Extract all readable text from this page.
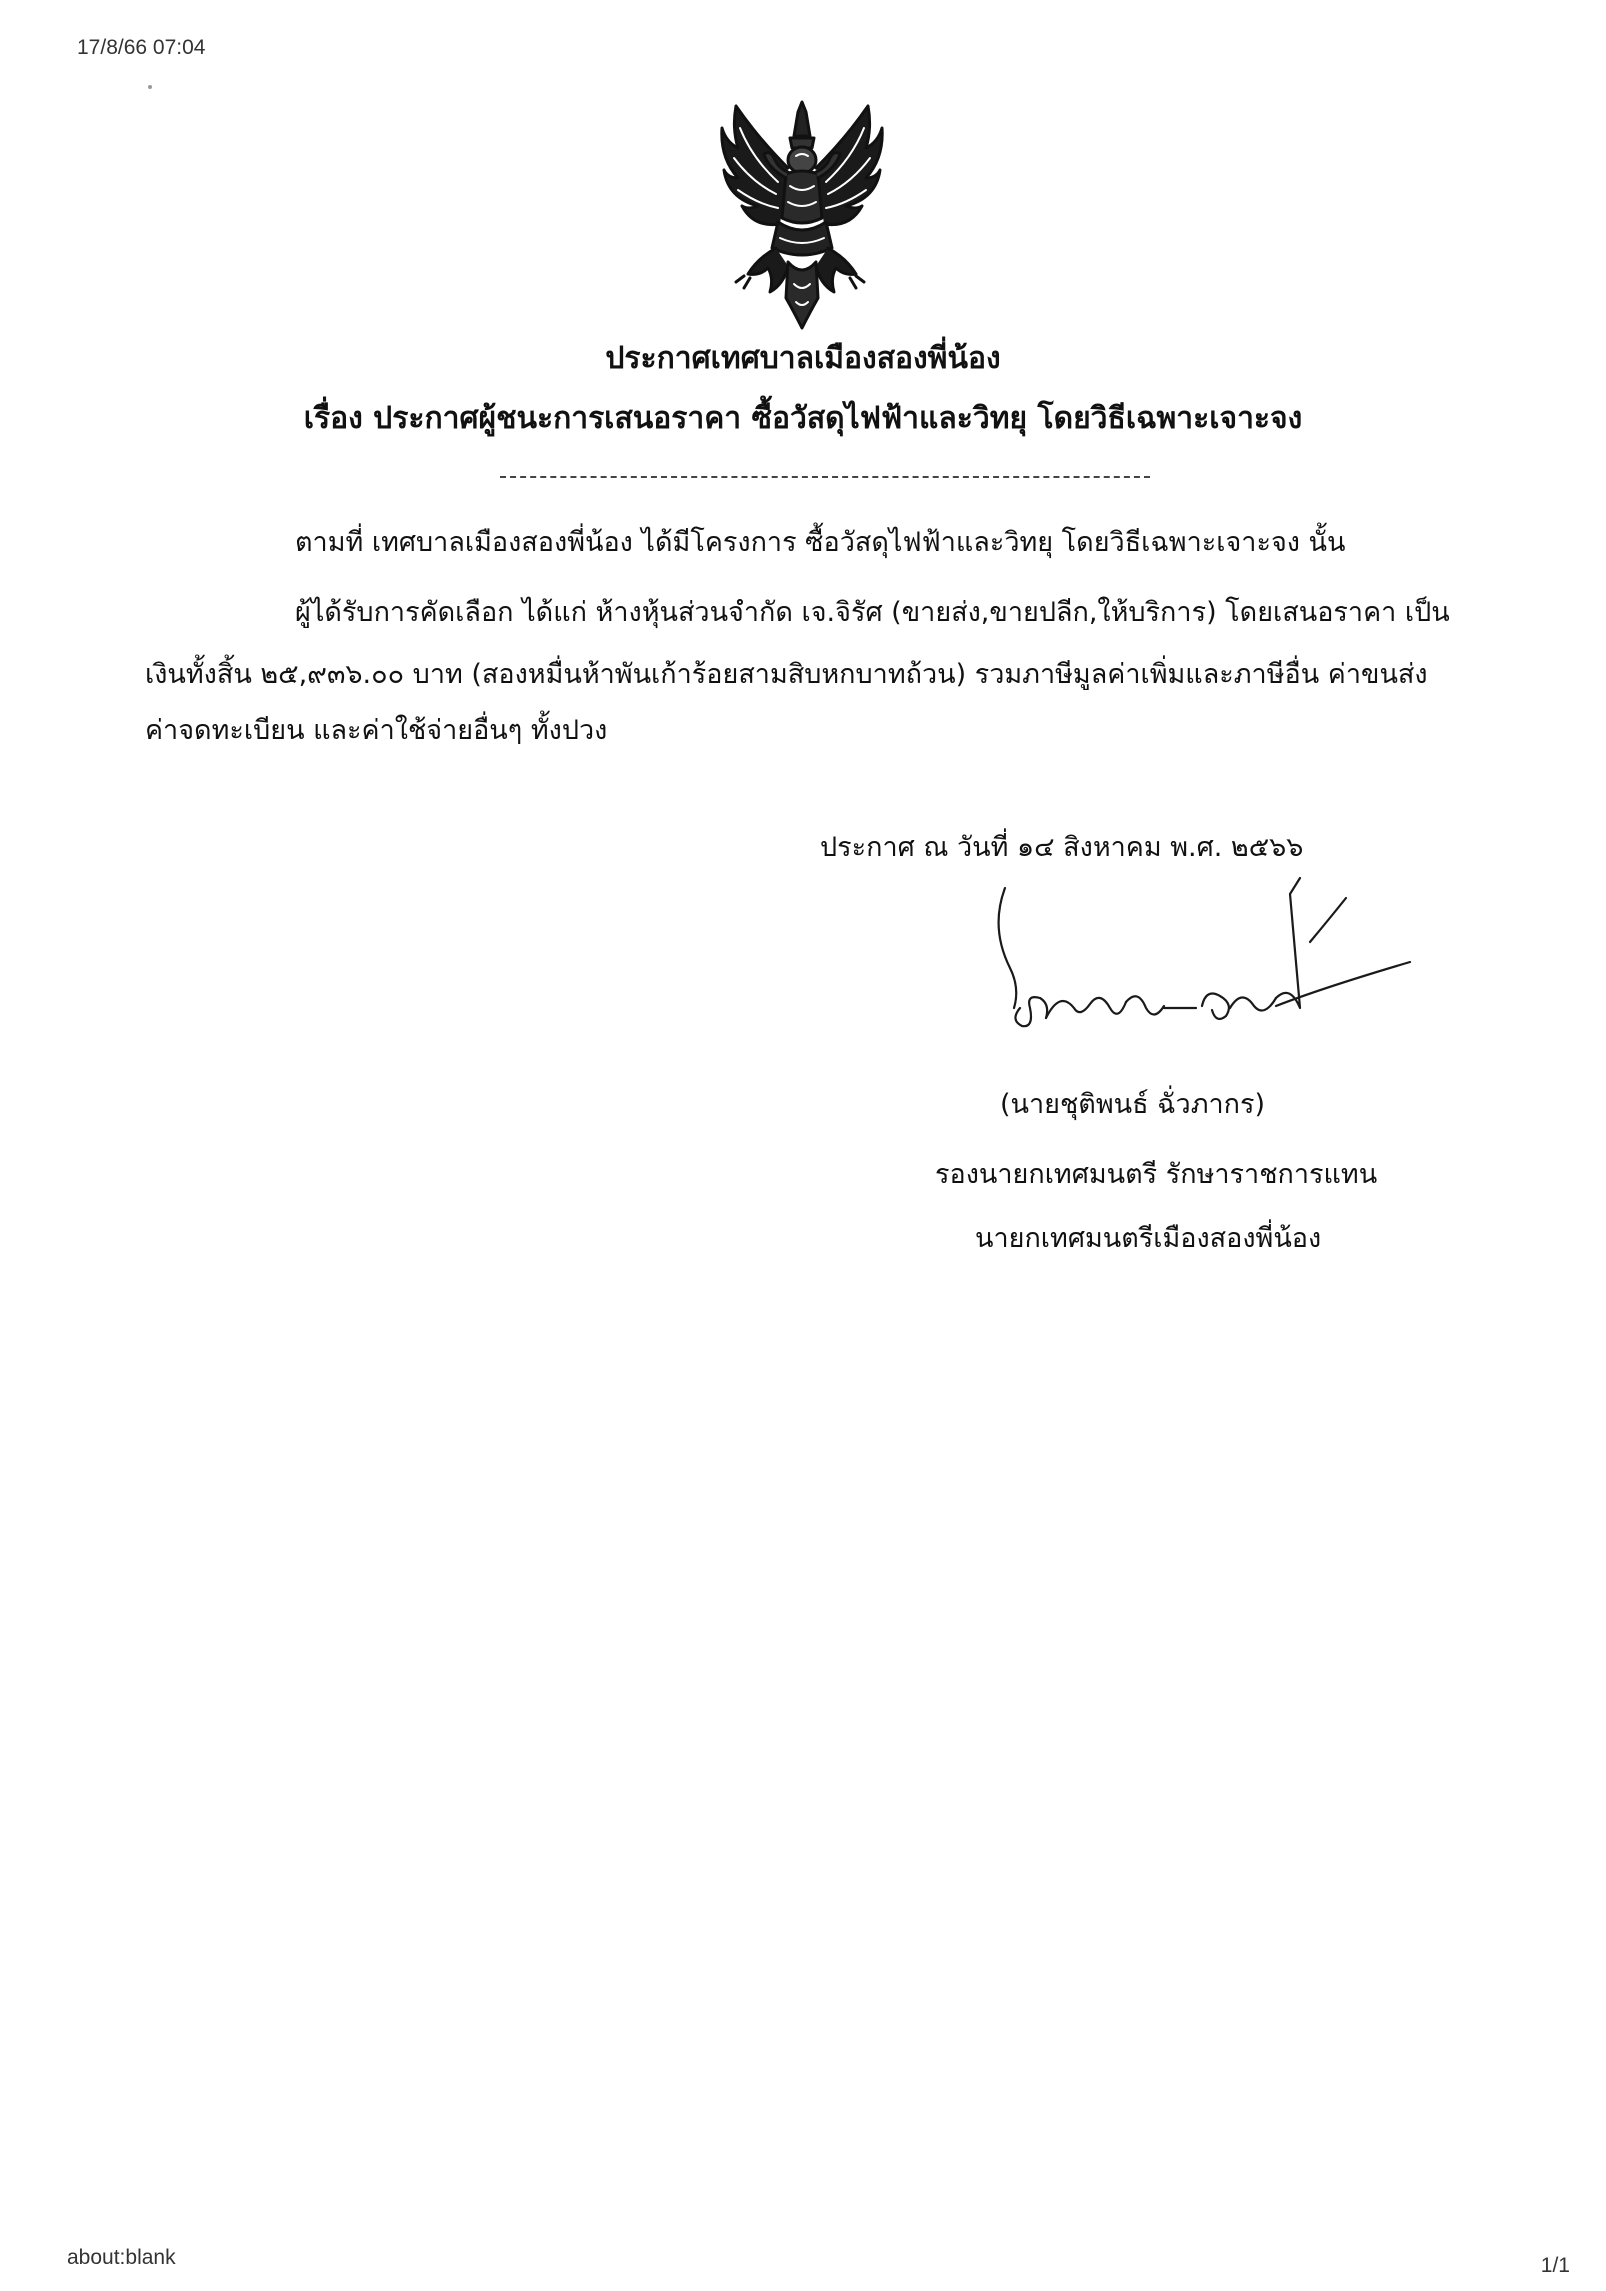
17/8/66 07:04
ประกาศเทศบาลเมืองสองพี่น้อง
เรื่อง ประกาศผู้ชนะการเสนอราคา ซื้อวัสดุไฟฟ้าและวิทยุ โดยวิธีเฉพาะเจาะจง
ตามที่ เทศบาลเมืองสองพี่น้อง ได้มีโครงการ ซื้อวัสดุไฟฟ้าและวิทยุ โดยวิธีเฉพาะเจาะจง นั้น
ผู้ได้รับการคัดเลือก ได้แก่ ห้างหุ้นส่วนจำกัด เจ.จิรัศ (ขายส่ง,ขายปลีก,ให้บริการ) โดยเสนอราคา เป็น
เงินทั้งสิ้น ๒๕,๙๓๖.๐๐ บาท (สองหมื่นห้าพันเก้าร้อยสามสิบหกบาทถ้วน) รวมภาษีมูลค่าเพิ่มและภาษีอื่น ค่าขนส่ง
ค่าจดทะเบียน และค่าใช้จ่ายอื่นๆ ทั้งปวง
ประกาศ ณ วันที่ ๑๔ สิงหาคม พ.ศ. ๒๕๖๖
(นายชุติพนธ์ ฉั่วภากร)
รองนายกเทศมนตรี รักษาราชการแทน
นายกเทศมนตรีเมืองสองพี่น้อง
about:blank	1/1
